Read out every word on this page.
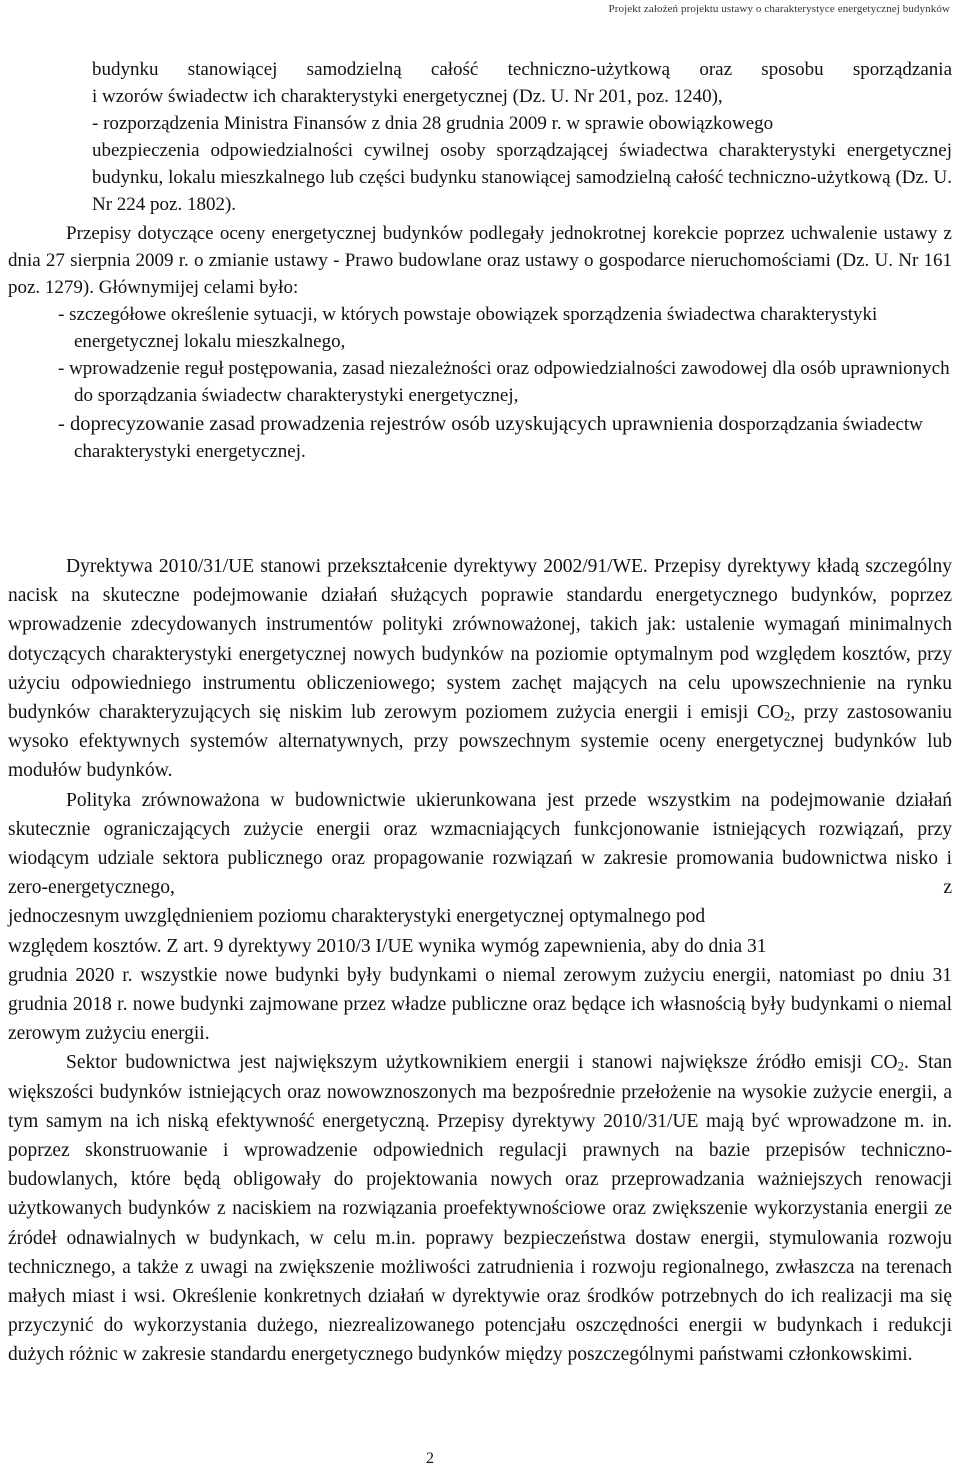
Projekt założeń projektu ustawy o charakterystyce energetycznej budynków

budynku stanowiącej samodzielną całość techniczno-użytkową oraz sposobu sporządzania

i wzorów świadectw ich charakterystyki energetycznej (Dz. U. Nr 201, poz. 1240),

- rozporządzenia Ministra Finansów z dnia 28 grudnia 2009 r. w sprawie obowiązkowego

ubezpieczenia odpowiedzialności cywilnej osoby sporządzającej świadectwa charakterystyki energetycznej budynku, lokalu mieszkalnego lub części budynku stanowiącej samodzielną całość techniczno-użytkową (Dz. U. Nr 224 poz. 1802).

Przepisy dotyczące oceny energetycznej budynków podlegały jednokrotnej korekcie poprzez uchwalenie ustawy z dnia 27 sierpnia 2009 r. o zmianie ustawy - Prawo budowlane oraz ustawy o gospodarce nieruchomościami (Dz. U. Nr 161 poz. 1279). Głównymijej celami było:

- szczegółowe określenie sytuacji, w których powstaje obowiązek sporządzenia świadectwa charakterystyki energetycznej lokalu mieszkalnego,

- wprowadzenie reguł postępowania, zasad niezależności oraz odpowiedzialności zawodowej dla osób uprawnionych do sporządzania świadectw charakterystyki energetycznej,

- doprecyzowanie zasad prowadzenia rejestrów osób uzyskujących uprawnienia dosporządzania świadectw charakterystyki energetycznej.

Dyrektywa 2010/31/UE stanowi przekształcenie dyrektywy 2002/91/WE. Przepisy dyrektywy kładą szczególny nacisk na skuteczne podejmowanie działań służących poprawie standardu energetycznego budynków, poprzez wprowadzenie zdecydowanych instrumentów polityki zrównoważonej, takich jak: ustalenie wymagań minimalnych dotyczących charakterystyki energetycznej nowych budynków na poziomie optymalnym pod względem kosztów, przy użyciu odpowiedniego instrumentu obliczeniowego; system zachęt mających na celu upowszechnienie na rynku budynków charakteryzujących się niskim lub zerowym poziomem zużycia energii i emisji $CO_2$, przy zastosowaniu wysoko efektywnych systemów alternatywnych, przy powszechnym systemie oceny energetycznej budynków lub modułów budynków.

Polityka zrównoważona w budownictwie ukierunkowana jest przede wszystkim na podejmowanie działań skutecznie ograniczających zużycie energii oraz wzmacniających funkcjonowanie istniejących rozwiązań, przy wiodącym udziale sektora publicznego oraz propagowanie rozwiązań w zakresie promowania budownictwa nisko i zero-energetycznego, z

jednoczesnym uwzględnieniem poziomu charakterystyki energetycznej optymalnego pod

względem kosztów. Z art. 9 dyrektywy 2010/3 I/UE wynika wymóg zapewnienia, aby do dnia 31

grudnia 2020 r. wszystkie nowe budynki były budynkami o niemal zerowym zużyciu energii, natomiast po dniu 31 grudnia 2018 r. nowe budynki zajmowane przez władze publiczne oraz będące ich własnością były budynkami o niemal zerowym zużyciu energii.

Sektor budownictwa jest największym użytkownikiem energii i stanowi największe źródło emisji $CO_2$. Stan większości budynków istniejących oraz nowowznoszonych ma bezpośrednie przełożenie na wysokie zużycie energii, a tym samym na ich niską efektywność energetyczną. Przepisy dyrektywy 2010/31/UE mają być wprowadzone m. in. poprzez skonstruowanie i wprowadzenie odpowiednich regulacji prawnych na bazie przepisów techniczno-budowlanych, które będą obligowały do projektowania nowych oraz przeprowadzania ważniejszych renowacji użytkowanych budynków z naciskiem na rozwiązania proefektywnościowe oraz zwiększenie wykorzystania energii ze źródeł odnawialnych w budynkach, w celu m.in. poprawy bezpieczeństwa dostaw energii, stymulowania rozwoju technicznego, a także z uwagi na zwiększenie możliwości zatrudnienia i rozwoju regionalnego, zwłaszcza na terenach małych miast i wsi. Określenie konkretnych działań w dyrektywie oraz środków potrzebnych do ich realizacji ma się przyczynić do wykorzystania dużego, niezrealizowanego potencjału oszczędności energii w budynkach i redukcji dużych różnic w zakresie standardu energetycznego budynków między poszczególnymi państwami członkowskimi.

2
